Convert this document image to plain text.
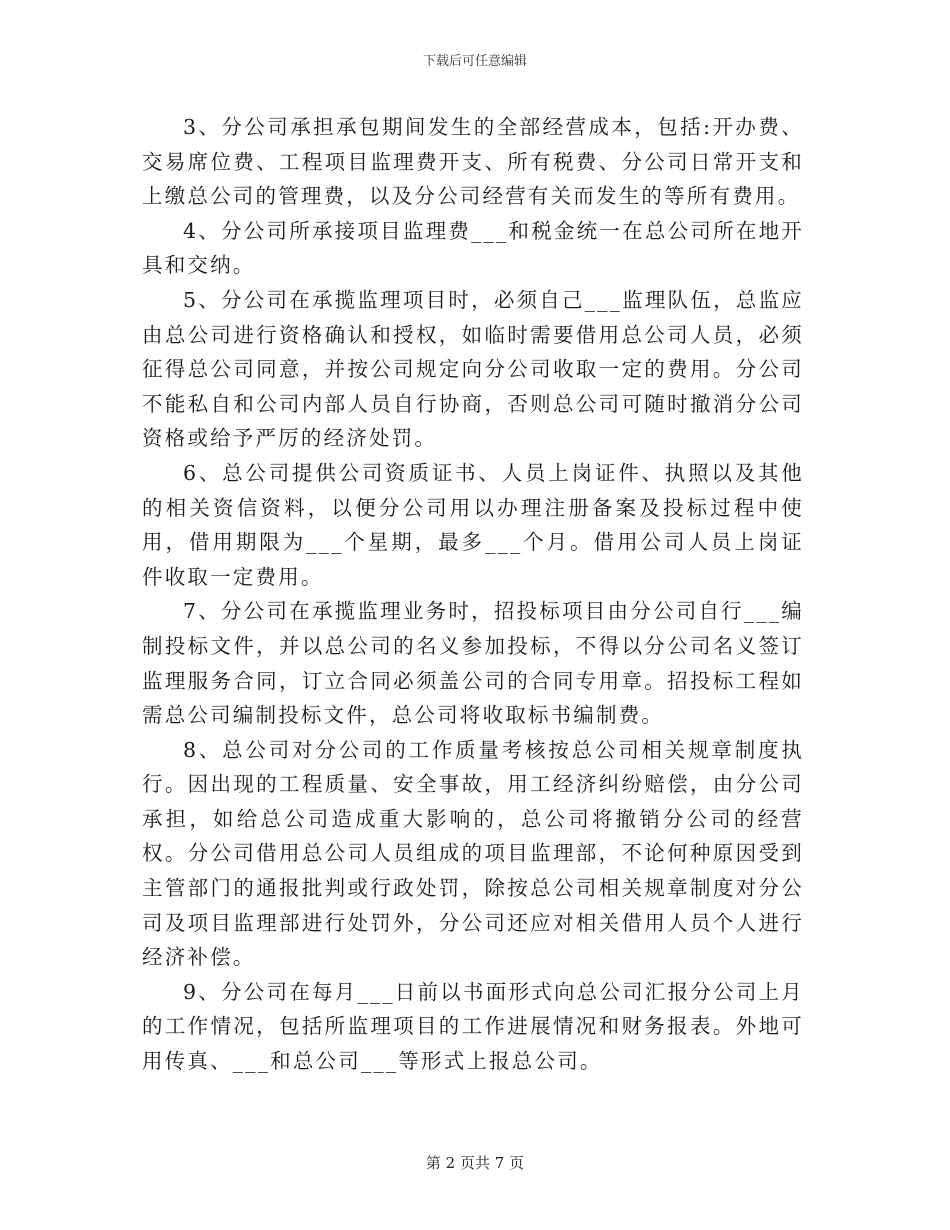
下载后可任意编辑

3、分公司承担承包期间发生的全部经营成本，包括:开办费、交易席位费、工程项目监理费开支、所有税费、分公司日常开支和上缴总公司的管理费，以及分公司经营有关而发生的等所有费用。

4、分公司所承接项目监理费___和税金统一在总公司所在地开具和交纳。

5、分公司在承揽监理项目时，必须自己___监理队伍，总监应由总公司进行资格确认和授权，如临时需要借用总公司人员，必须征得总公司同意，并按公司规定向分公司收取一定的费用。分公司不能私自和公司内部人员自行协商，否则总公司可随时撤消分公司资格或给予严厉的经济处罚。

6、总公司提供公司资质证书、人员上岗证件、执照以及其他的相关资信资料，以便分公司用以办理注册备案及投标过程中使用，借用期限为___个星期，最多___个月。借用公司人员上岗证件收取一定费用。

7、分公司在承揽监理业务时，招投标项目由分公司自行___编制投标文件，并以总公司的名义参加投标，不得以分公司名义签订监理服务合同，订立合同必须盖公司的合同专用章。招投标工程如需总公司编制投标文件，总公司将收取标书编制费。

8、总公司对分公司的工作质量考核按总公司相关规章制度执行。因出现的工程质量、安全事故，用工经济纠纷赔偿，由分公司承担，如给总公司造成重大影响的，总公司将撤销分公司的经营权。分公司借用总公司人员组成的项目监理部，不论何种原因受到主管部门的通报批判或行政处罚，除按总公司相关规章制度对分公司及项目监理部进行处罚外，分公司还应对相关借用人员个人进行经济补偿。

9、分公司在每月___日前以书面形式向总公司汇报分公司上月的工作情况，包括所监理项目的工作进展情况和财务报表。外地可用传真、___和总公司___等形式上报总公司。

第 2 页共 7 页
